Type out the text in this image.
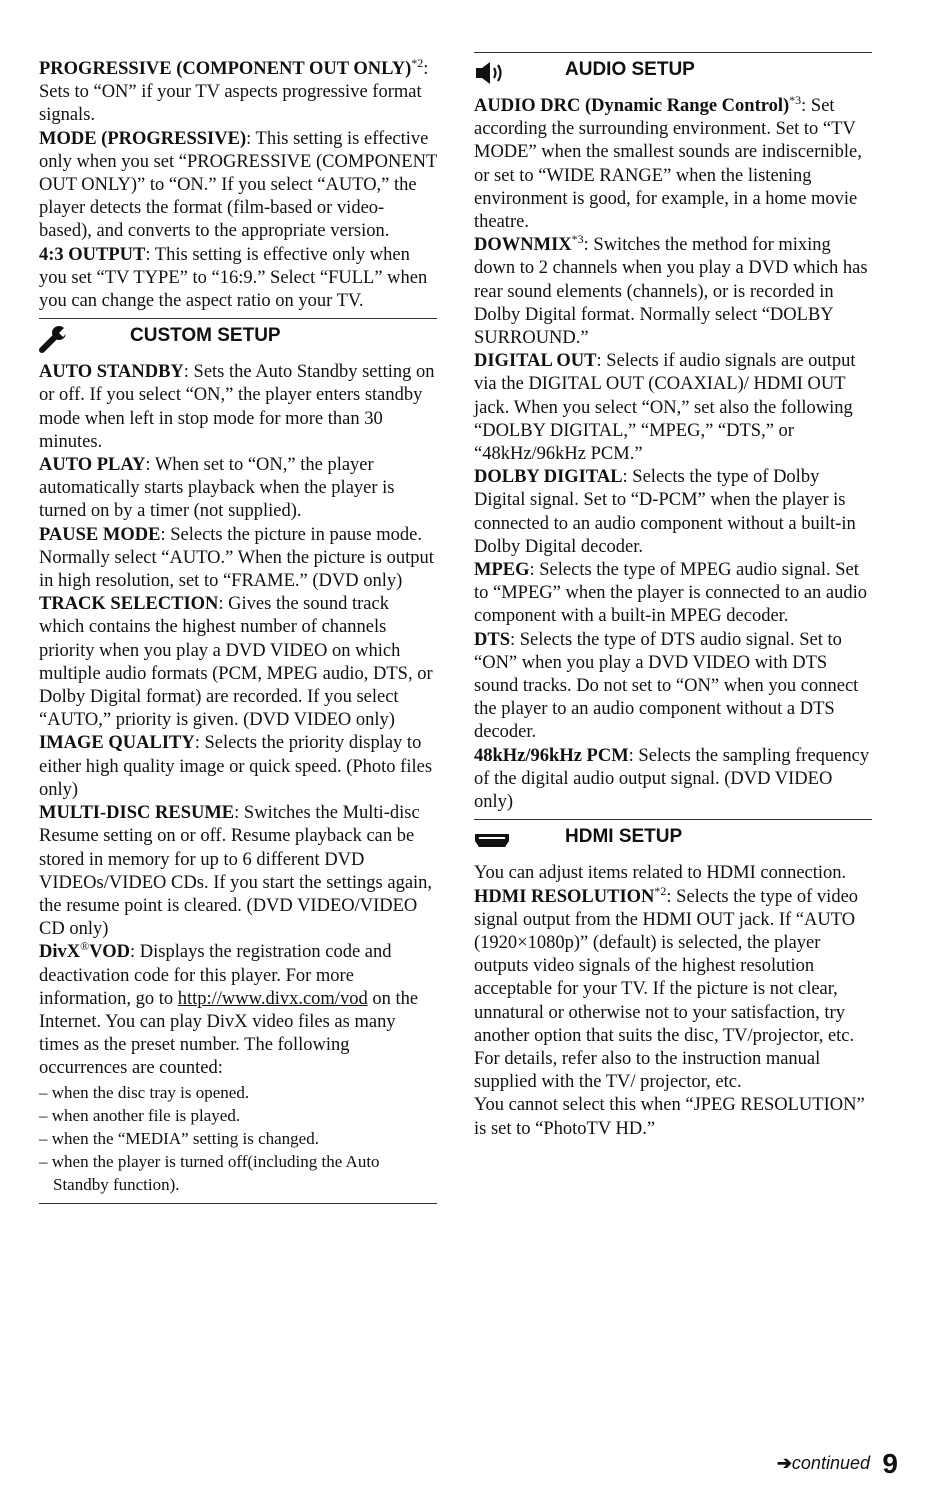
PROGRESSIVE (COMPONENT OUT ONLY)$^{*2}$: Sets to “ON” if your TV aspects progressive format signals.

MODE (PROGRESSIVE): This setting is effective only when you set “PROGRESSIVE (COMPONENT OUT ONLY)” to “ON.” If you select “AUTO,” the player detects the format (film-based or video-based), and converts to the appropriate version.

4:3 OUTPUT: This setting is effective only when you set “TV TYPE” to “16:9.” Select “FULL” when you can change the aspect ratio on your TV.

CUSTOM SETUP

AUTO STANDBY: Sets the Auto Standby setting on or off. If you select “ON,” the player enters standby mode when left in stop mode for more than 30 minutes.

AUTO PLAY: When set to “ON,” the player automatically starts playback when the player is turned on by a timer (not supplied).

PAUSE MODE: Selects the picture in pause mode. Normally select “AUTO.” When the picture is output in high resolution, set to “FRAME.” (DVD only)

TRACK SELECTION: Gives the sound track which contains the highest number of channels priority when you play a DVD VIDEO on which multiple audio formats (PCM, MPEG audio, DTS, or Dolby Digital format) are recorded. If you select “AUTO,” priority is given. (DVD VIDEO only)

IMAGE QUALITY: Selects the priority display to either high quality image or quick speed. (Photo files only)

MULTI-DISC RESUME: Switches the Multi-disc Resume setting on or off. Resume playback can be stored in memory for up to 6 different DVD VIDEOs/VIDEO CDs. If you start the settings again, the resume point is cleared. (DVD VIDEO/VIDEO CD only)

DivX®VOD: Displays the registration code and deactivation code for this player. For more information, go to http://www.divx.com/vod on the Internet. You can play DivX video files as many times as the preset number. The following occurrences are counted:

– when the disc tray is opened.

– when another file is played.

– when the “MEDIA” setting is changed.

– when the player is turned off(including the Auto Standby function).

AUDIO SETUP

AUDIO DRC (Dynamic Range Control)$^{*3}$: Set according the surrounding environment. Set to “TV MODE” when the smallest sounds are indiscernible, or set to “WIDE RANGE” when the listening environment is good, for example, in a home movie theatre.

DOWNMIX$^{*3}$: Switches the method for mixing down to 2 channels when you play a DVD which has rear sound elements (channels), or is recorded in Dolby Digital format. Normally select “DOLBY SURROUND.”

DIGITAL OUT: Selects if audio signals are output via the DIGITAL OUT (COAXIAL)/ HDMI OUT jack. When you select “ON,” set also the following “DOLBY DIGITAL,” “MPEG,” “DTS,” or “48kHz/96kHz PCM.”

DOLBY DIGITAL: Selects the type of Dolby Digital signal. Set to “D-PCM” when the player is connected to an audio component without a built-in Dolby Digital decoder.

MPEG: Selects the type of MPEG audio signal. Set to “MPEG” when the player is connected to an audio component with a built-in MPEG decoder.

DTS: Selects the type of DTS audio signal. Set to “ON” when you play a DVD VIDEO with DTS sound tracks. Do not set to “ON” when you connect the player to an audio component without a DTS decoder.

48kHz/96kHz PCM: Selects the sampling frequency of the digital audio output signal. (DVD VIDEO only)

HDMI SETUP

You can adjust items related to HDMI connection.

HDMI RESOLUTION$^{*2}$: Selects the type of video signal output from the HDMI OUT jack. If “AUTO (1920×1080p)” (default) is selected, the player outputs video signals of the highest resolution acceptable for your TV. If the picture is not clear, unnatural or otherwise not to your satisfaction, try another option that suits the disc, TV/projector, etc. For details, refer also to the instruction manual supplied with the TV/ projector, etc.

You cannot select this when “JPEG RESOLUTION” is set to “PhotoTV HD.”

➔continued 9
